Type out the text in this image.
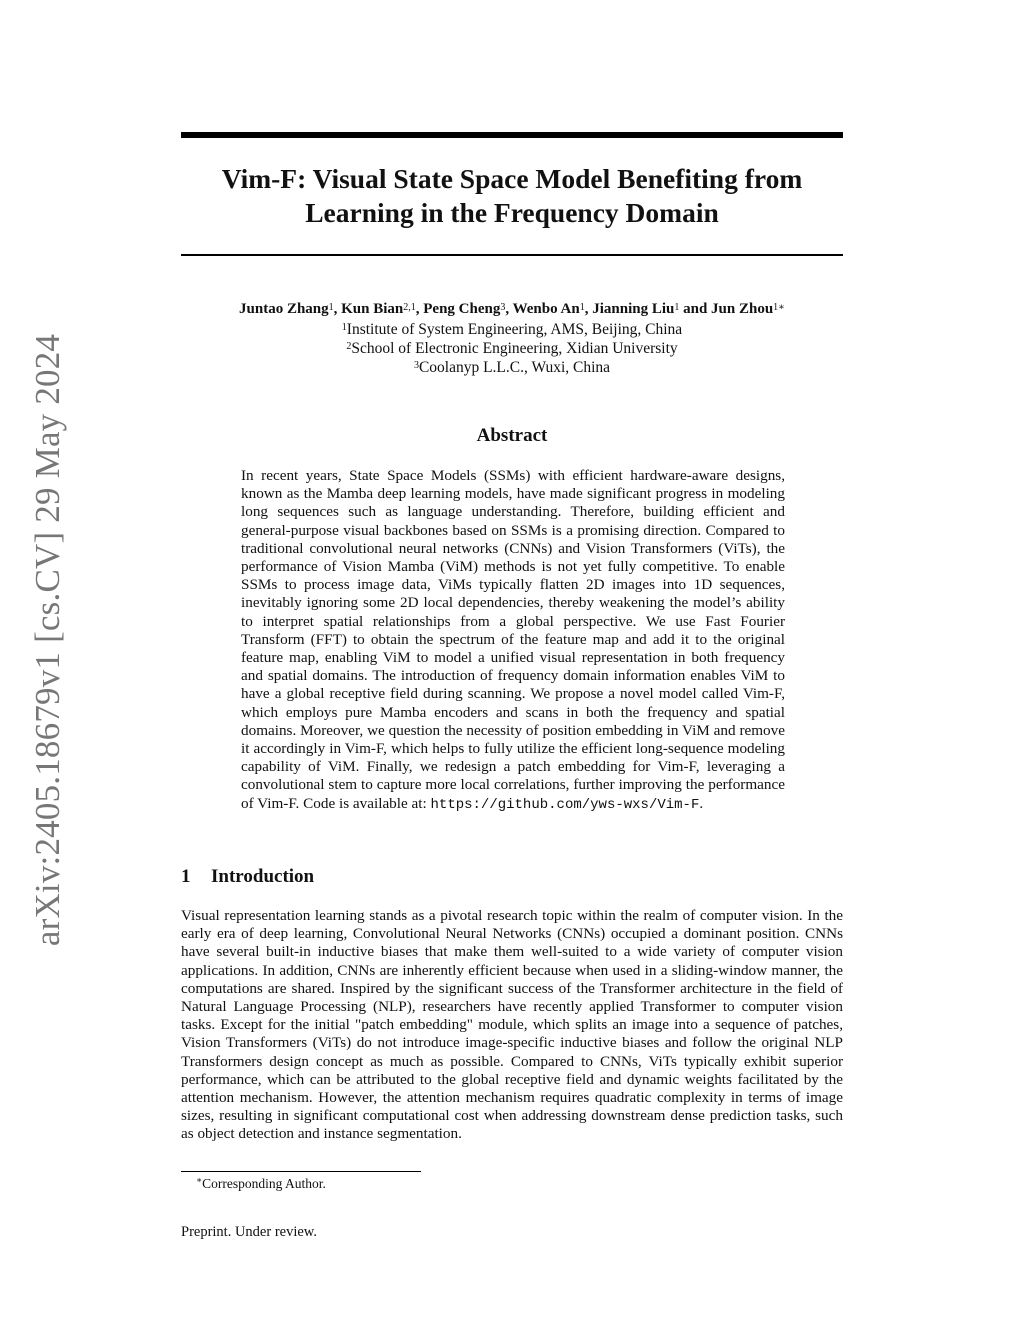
arXiv:2405.18679v1 [cs.CV] 29 May 2024
Vim-F: Visual State Space Model Benefiting from Learning in the Frequency Domain

Juntao Zhang$^1$, Kun Bian$^{2,1}$, Peng Cheng$^3$, Wenbo An$^1$, Jianning Liu$^1$ and Jun Zhou$^{1∗}$

$^1$Institute of System Engineering, AMS, Beijing, China

$^2$School of Electronic Engineering, Xidian University

$^3$Coolanyp L.L.C., Wuxi, China

Abstract

In recent years, State Space Models (SSMs) with efficient hardware-aware designs, known as the Mamba deep learning models, have made significant progress in modeling long sequences such as language understanding. Therefore, building efficient and general-purpose visual backbones based on SSMs is a promising direction. Compared to traditional convolutional neural networks (CNNs) and Vision Transformers (ViTs), the performance of Vision Mamba (ViM) methods is not yet fully competitive. To enable SSMs to process image data, ViMs typically flatten 2D images into 1D sequences, inevitably ignoring some 2D local dependencies, thereby weakening the model’s ability to interpret spatial relationships from a global perspective. We use Fast Fourier Transform (FFT) to obtain the spectrum of the feature map and add it to the original feature map, enabling ViM to model a unified visual representation in both frequency and spatial domains. The introduction of frequency domain information enables ViM to have a global receptive field during scanning. We propose a novel model called Vim-F, which employs pure Mamba encoders and scans in both the frequency and spatial domains. Moreover, we question the necessity of position embedding in ViM and remove it accordingly in Vim-F, which helps to fully utilize the efficient long-sequence modeling capability of ViM. Finally, we redesign a patch embedding for Vim-F, leveraging a convolutional stem to capture more local correlations, further improving the performance of Vim-F. Code is available at: https://github.com/yws-wxs/Vim-F.

1 Introduction

Visual representation learning stands as a pivotal research topic within the realm of computer vision. In the early era of deep learning, Convolutional Neural Networks (CNNs) occupied a dominant position. CNNs have several built-in inductive biases that make them well-suited to a wide variety of computer vision applications. In addition, CNNs are inherently efficient because when used in a sliding-window manner, the computations are shared. Inspired by the significant success of the Transformer architecture in the field of Natural Language Processing (NLP), researchers have recently applied Transformer to computer vision tasks. Except for the initial "patch embedding" module, which splits an image into a sequence of patches, Vision Transformers (ViTs) do not introduce image-specific inductive biases and follow the original NLP Transformers design concept as much as possible. Compared to CNNs, ViTs typically exhibit superior performance, which can be attributed to the global receptive field and dynamic weights facilitated by the attention mechanism. However, the attention mechanism requires quadratic complexity in terms of image sizes, resulting in significant computational cost when addressing downstream dense prediction tasks, such as object detection and instance segmentation.

∗Corresponding Author.

Preprint. Under review.
